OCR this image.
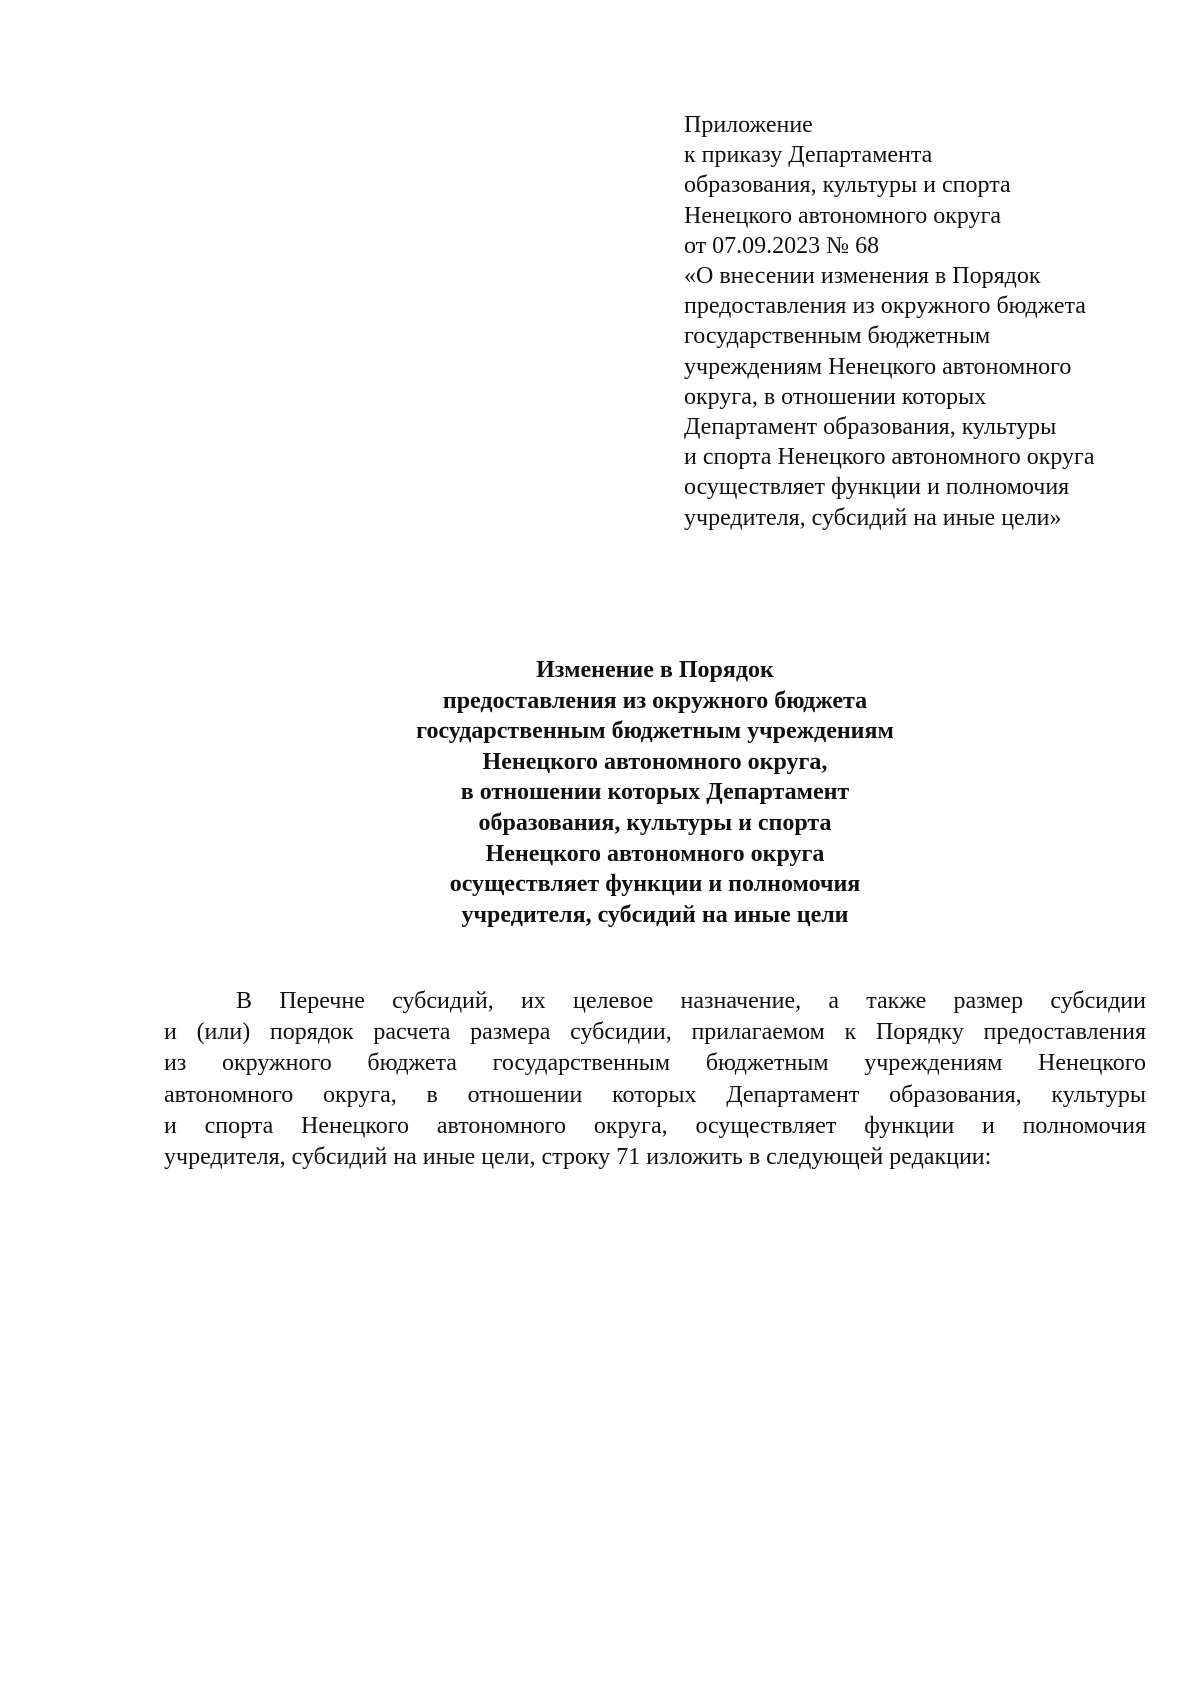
Приложение
к приказу Департамента
образования, культуры и спорта
Ненецкого автономного округа
от 07.09.2023 № 68
«О внесении изменения в Порядок
предоставления из окружного бюджета
государственным бюджетным
учреждениям Ненецкого автономного
округа, в отношении которых
Департамент образования, культуры
и спорта Ненецкого автономного округа
осуществляет функции и полномочия
учредителя, субсидий на иные цели»
Изменение в Порядок
предоставления из окружного бюджета
государственным бюджетным учреждениям
Ненецкого автономного округа,
в отношении которых Департамент
образования, культуры и спорта
Ненецкого автономного округа
осуществляет функции и полномочия
учредителя, субсидий на иные цели
В Перечне субсидий, их целевое назначение, а также размер субсидии
и (или) порядок расчета размера субсидии, прилагаемом к Порядку предоставления
из окружного бюджета государственным бюджетным учреждениям Ненецкого
автономного округа, в отношении которых Департамент образования, культуры
и спорта Ненецкого автономного округа, осуществляет функции и полномочия
учредителя, субсидий на иные цели, строку 71 изложить в следующей редакции:
